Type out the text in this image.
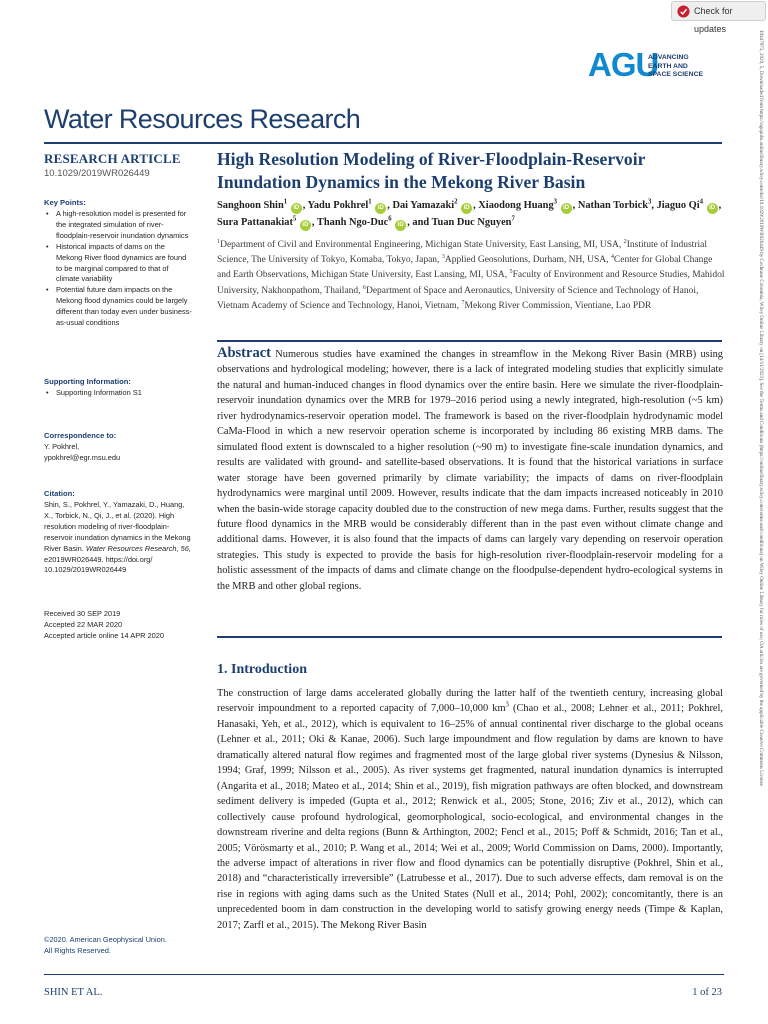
Check for updates
19447973, 2020, 5, Downloaded from https://agupubs.onlinelibrary.wiley.com/doi/10.1029/2019WR026449 by Cochrane Colombia, Wiley Online Library on [14/11/2023]. See the Terms and Conditions (https://onlinelibrary.wiley.com/terms-and-conditions) on Wiley Online Library for rules of use; OA articles are governed by the applicable Creative Commons License
AGU
ADVANCING
EARTH AND
SPACE SCIENCE
Water Resources Research
RESEARCH ARTICLE
10.1029/2019WR026449
Key Points:
• A high-resolution model is presented for the integrated simulation of river-floodplain-reservoir inundation dynamics
• Historical impacts of dams on the Mekong River flood dynamics are found to be marginal compared to that of climate variability
• Potential future dam impacts on the Mekong flood dynamics could be largely different than today even under business-as-usual conditions
Supporting Information:
• Supporting Information S1
Correspondence to:
Y. Pokhrel,
ypokhrel@egr.msu.edu
Citation:
Shin, S., Pokhrel, Y., Yamazaki, D., Huang, X., Torbick, N., Qi, J., et al. (2020). High resolution modeling of river-floodplain-reservoir inundation dynamics in the Mekong River Basin. Water Resources Research, 56, e2019WR026449. https://doi.org/ 10.1029/2019WR026449
Received 30 SEP 2019
Accepted 22 MAR 2020
Accepted article online 14 APR 2020
©2020. American Geophysical Union.
All Rights Reserved.
High Resolution Modeling of River-Floodplain-Reservoir Inundation Dynamics in the Mekong River Basin
Sanghoon Shin$^1$ iD , Yadu Pokhrel$^1$ iD , Dai Yamazaki$^2$ iD , Xiaodong Huang$^3$ iD , Nathan Torbick$^3$, Jiaguo Qi$^4$ iD , Sura Pattanakiat$^5$ iD , Thanh Ngo-Duc$^6$ iD , and Tuan Duc Nguyen$^7$
$^1$Department of Civil and Environmental Engineering, Michigan State University, East Lansing, MI, USA, $^2$Institute of Industrial Science, The University of Tokyo, Komaba, Tokyo, Japan, $^3$Applied Geosolutions, Durham, NH, USA, $^4$Center for Global Change and Earth Observations, Michigan State University, East Lansing, MI, USA, $^5$Faculty of Environment and Resource Studies, Mahidol University, Nakhonpathom, Thailand, $^6$Department of Space and Aeronautics, University of Science and Technology of Hanoi, Vietnam Academy of Science and Technology, Hanoi, Vietnam, $^7$Mekong River Commission, Vientiane, Lao PDR
Abstract Numerous studies have examined the changes in streamflow in the Mekong River Basin (MRB) using observations and hydrological modeling; however, there is a lack of integrated modeling studies that explicitly simulate the natural and human-induced changes in flood dynamics over the entire basin. Here we simulate the river-floodplain-reservoir inundation dynamics over the MRB for 1979–2016 period using a newly integrated, high-resolution (~5 km) river hydrodynamics-reservoir operation model. The framework is based on the river-floodplain hydrodynamic model CaMa-Flood in which a new reservoir operation scheme is incorporated by including 86 existing MRB dams. The simulated flood extent is downscaled to a higher resolution (~90 m) to investigate fine-scale inundation dynamics, and results are validated with ground- and satellite-based observations. It is found that the historical variations in surface water storage have been governed primarily by climate variability; the impacts of dams on river-floodplain hydrodynamics were marginal until 2009. However, results indicate that the dam impacts increased noticeably in 2010 when the basin-wide storage capacity doubled due to the construction of new mega dams. Further, results suggest that the future flood dynamics in the MRB would be considerably different than in the past even without climate change and additional dams. However, it is also found that the impacts of dams can largely vary depending on reservoir operation strategies. This study is expected to provide the basis for high-resolution river-floodplain-reservoir modeling for a holistic assessment of the impacts of dams and climate change on the floodpulse-dependent hydro-ecological systems in the MRB and other global regions.
1. Introduction
The construction of large dams accelerated globally during the latter half of the twentieth century, increasing global reservoir impoundment to a reported capacity of 7,000–10,000 $km^3$ (Chao et al., 2008; Lehner et al., 2011; Pokhrel, Hanasaki, Yeh, et al., 2012), which is equivalent to 16–25% of annual continental river discharge to the global oceans (Lehner et al., 2011; Oki & Kanae, 2006). Such large impoundment and flow regulation by dams are known to have dramatically altered natural flow regimes and fragmented most of the large global river systems (Dynesius & Nilsson, 1994; Graf, 1999; Nilsson et al., 2005). As river systems get fragmented, natural inundation dynamics is interrupted (Angarita et al., 2018; Mateo et al., 2014; Shin et al., 2019), fish migration pathways are often blocked, and downstream sediment delivery is impeded (Gupta et al., 2012; Renwick et al., 2005; Stone, 2016; Ziv et al., 2012), which can collectively cause profound hydrological, geomorphological, socio-ecological, and environmental changes in the downstream riverine and delta regions (Bunn & Arthington, 2002; Fencl et al., 2015; Poff & Schmidt, 2016; Tan et al., 2005; Vörösmarty et al., 2010; P. Wang et al., 2014; Wei et al., 2009; World Commission on Dams, 2000). Importantly, the adverse impact of alterations in river flow and flood dynamics can be potentially disruptive (Pokhrel, Shin et al., 2018) and “characteristically irreversible” (Latrubesse et al., 2017). Due to such adverse effects, dam removal is on the rise in regions with aging dams such as the United States (Null et al., 2014; Pohl, 2002); concomitantly, there is an unprecedented boom in dam construction in the developing world to satisfy growing energy needs (Timpe & Kaplan, 2017; Zarfl et al., 2015). The Mekong River Basin
SHIN ET AL.	1 of 23
